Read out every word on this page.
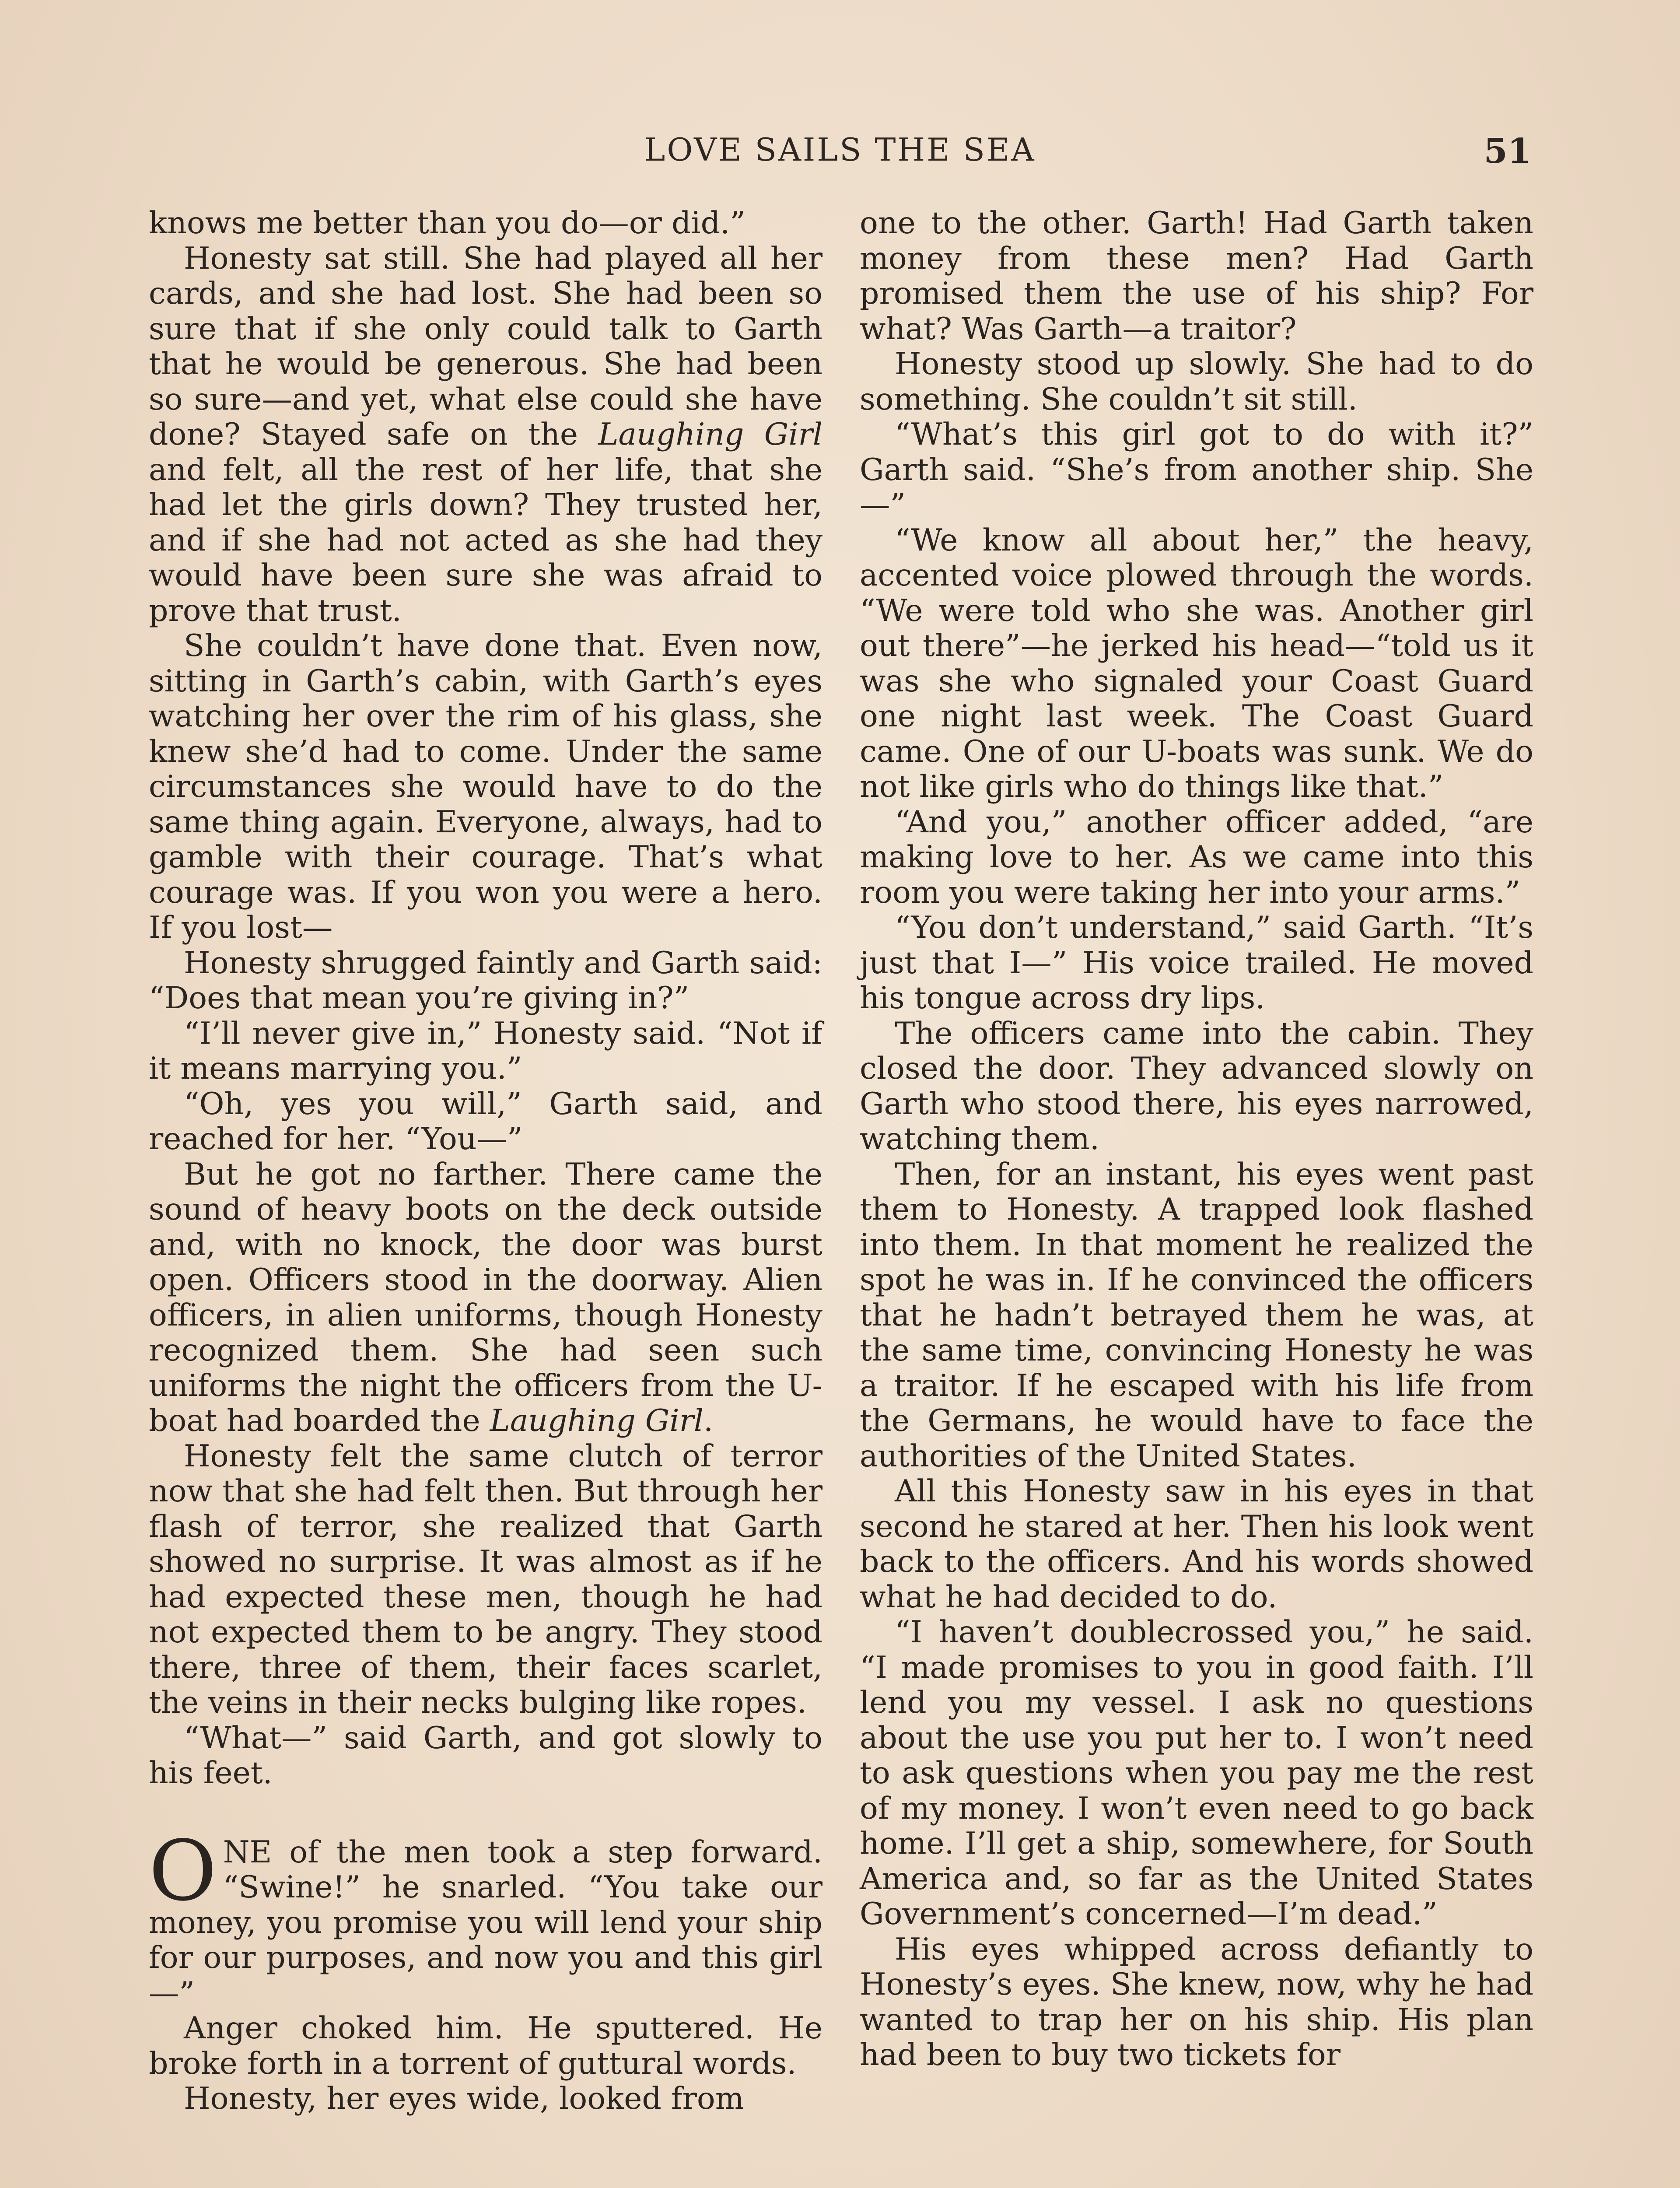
LOVE SAILS THE SEA	51

knows me better than you do—or did.”

Honesty sat still. She had played all her cards, and she had lost. She had been so sure that if she only could talk to Garth that he would be generous. She had been so sure—and yet, what else could she have done? Stayed safe on the Laughing Girl and felt, all the rest of her life, that she had let the girls down? They trusted her, and if she had not acted as she had they would have been sure she was afraid to prove that trust.

She couldn’t have done that. Even now, sitting in Garth’s cabin, with Garth’s eyes watching her over the rim of his glass, she knew she’d had to come. Under the same circumstances she would have to do the same thing again. Everyone, always, had to gamble with their courage. That’s what courage was. If you won you were a hero. If you lost—

Honesty shrugged faintly and Garth said: “Does that mean you’re giving in?”

“I’ll never give in,” Honesty said. “Not if it means marrying you.”

“Oh, yes you will,” Garth said, and reached for her. “You—”

But he got no farther. There came the sound of heavy boots on the deck outside and, with no knock, the door was burst open. Officers stood in the doorway. Alien officers, in alien uniforms, though Honesty recognized them. She had seen such uniforms the night the officers from the U-boat had boarded the Laughing Girl.

Honesty felt the same clutch of terror now that she had felt then. But through her flash of terror, she realized that Garth showed no surprise. It was almost as if he had expected these men, though he had not expected them to be angry. They stood there, three of them, their faces scarlet, the veins in their necks bulging like ropes.

“What—” said Garth, and got slowly to his feet.

ONE of the men took a step forward. “Swine!” he snarled. “You take our money, you promise you will lend your ship for our purposes, and now you and this girl—”

Anger choked him. He sputtered. He broke forth in a torrent of guttural words.

Honesty, her eyes wide, looked from

one to the other. Garth! Had Garth taken money from these men? Had Garth promised them the use of his ship? For what? Was Garth—a traitor?

Honesty stood up slowly. She had to do something. She couldn’t sit still.

“What’s this girl got to do with it?” Garth said. “She’s from another ship. She—”

“We know all about her,” the heavy, accented voice plowed through the words. “We were told who she was. Another girl out there”—he jerked his head—“told us it was she who signaled your Coast Guard one night last week. The Coast Guard came. One of our U-boats was sunk. We do not like girls who do things like that.”

“And you,” another officer added, “are making love to her. As we came into this room you were taking her into your arms.”

“You don’t understand,” said Garth. “It’s just that I—” His voice trailed. He moved his tongue across dry lips.

The officers came into the cabin. They closed the door. They advanced slowly on Garth who stood there, his eyes narrowed, watching them.

Then, for an instant, his eyes went past them to Honesty. A trapped look flashed into them. In that moment he realized the spot he was in. If he convinced the officers that he hadn’t betrayed them he was, at the same time, convincing Honesty he was a traitor. If he escaped with his life from the Germans, he would have to face the authorities of the United States.

All this Honesty saw in his eyes in that second he stared at her. Then his look went back to the officers. And his words showed what he had decided to do.

“I haven’t doublecrossed you,” he said. “I made promises to you in good faith. I’ll lend you my vessel. I ask no questions about the use you put her to. I won’t need to ask questions when you pay me the rest of my money. I won’t even need to go back home. I’ll get a ship, somewhere, for South America and, so far as the United States Government’s concerned—I’m dead.”

His eyes whipped across defiantly to Honesty’s eyes. She knew, now, why he had wanted to trap her on his ship. His plan had been to buy two tickets for
